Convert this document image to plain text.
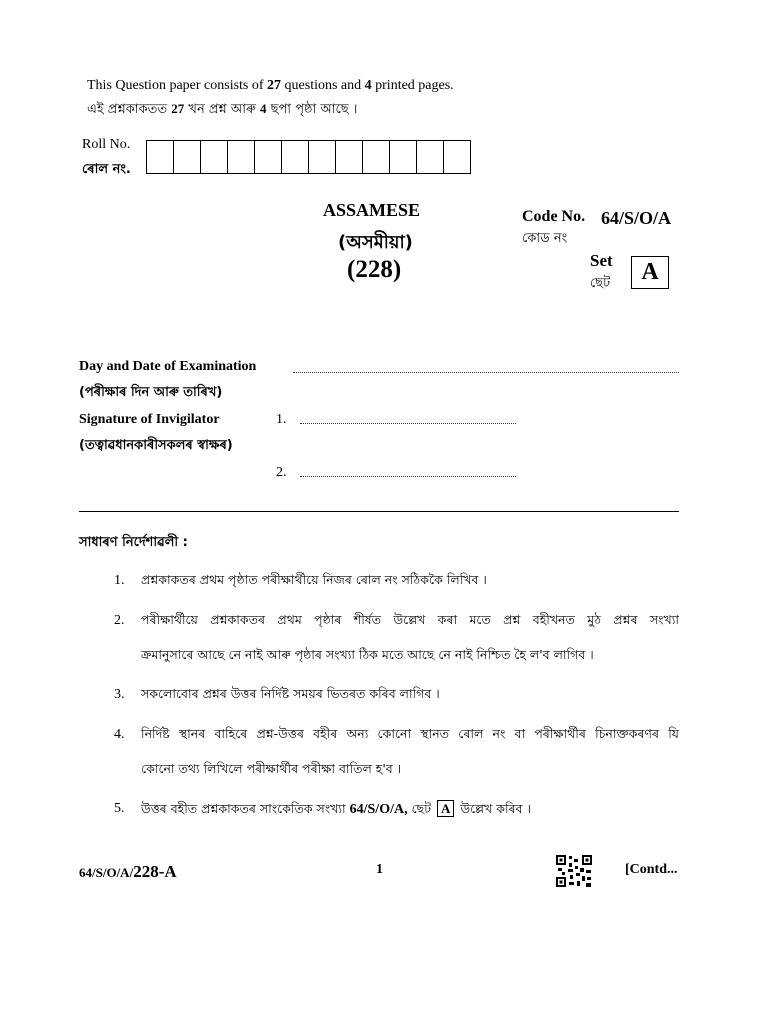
This Question paper consists of 27 questions and 4 printed pages.
এই প্ৰশ্নকাকতত 27 খন প্ৰশ্ন আৰু 4 ছপা পৃষ্ঠা আছে ।
Roll No.
ৰোল নং.
ASSAMESE
(অসমীয়া)
(228)
Code No. 64/S/O/A
কোড নং
Set
ছেট	A
Day and Date of Examination
(পৰীক্ষাৰ দিন আৰু তাৰিখ)
Signature of Invigilator
(তত্বাৱধানকাৰীসকলৰ স্বাক্ষৰ)
1.
2.
সাধাৰণ নিৰ্দেশাৱলী :
1. প্ৰশ্নকাকতৰ প্ৰথম পৃষ্ঠাত পৰীক্ষাৰ্থীয়ে নিজৰ ৰোল নং সঠিককৈ লিখিব ।
2. পৰীক্ষাৰ্থীয়ে প্ৰশ্নকাকতৰ প্ৰথম পৃষ্ঠাৰ শীৰ্ষত উল্লেখ কৰা মতে প্ৰশ্ন বহীখনত মুঠ প্ৰশ্নৰ সংখ্যা
ক্ৰমানুসাৰে আছে নে নাই আৰু পৃষ্ঠাৰ সংখ্যা ঠিক মতে আছে নে নাই নিশ্চিত হৈ ল'ব লাগিব ।
3. সকলোবোৰ প্ৰশ্নৰ উত্তৰ নিৰ্দিষ্ট সময়ৰ ভিতৰত কৰিব লাগিব ।
4. নিৰ্দিষ্ট স্থানৰ বাহিৰে প্ৰশ্ন-উত্তৰ বহীৰ অন্য কোনো স্থানত ৰোল নং বা পৰীক্ষাৰ্থীৰ চিনাক্তকৰণৰ যি
কোনো তথ্য লিখিলে পৰীক্ষাৰ্থীৰ পৰীক্ষা বাতিল হ'ব ।
5. উত্তৰ বহীত প্ৰশ্নকাকতৰ সাংকেতিক সংখ্যা 64/S/O/A, ছেট A উল্লেখ কৰিব ।
64/S/O/A/228-A	1	[Contd...
